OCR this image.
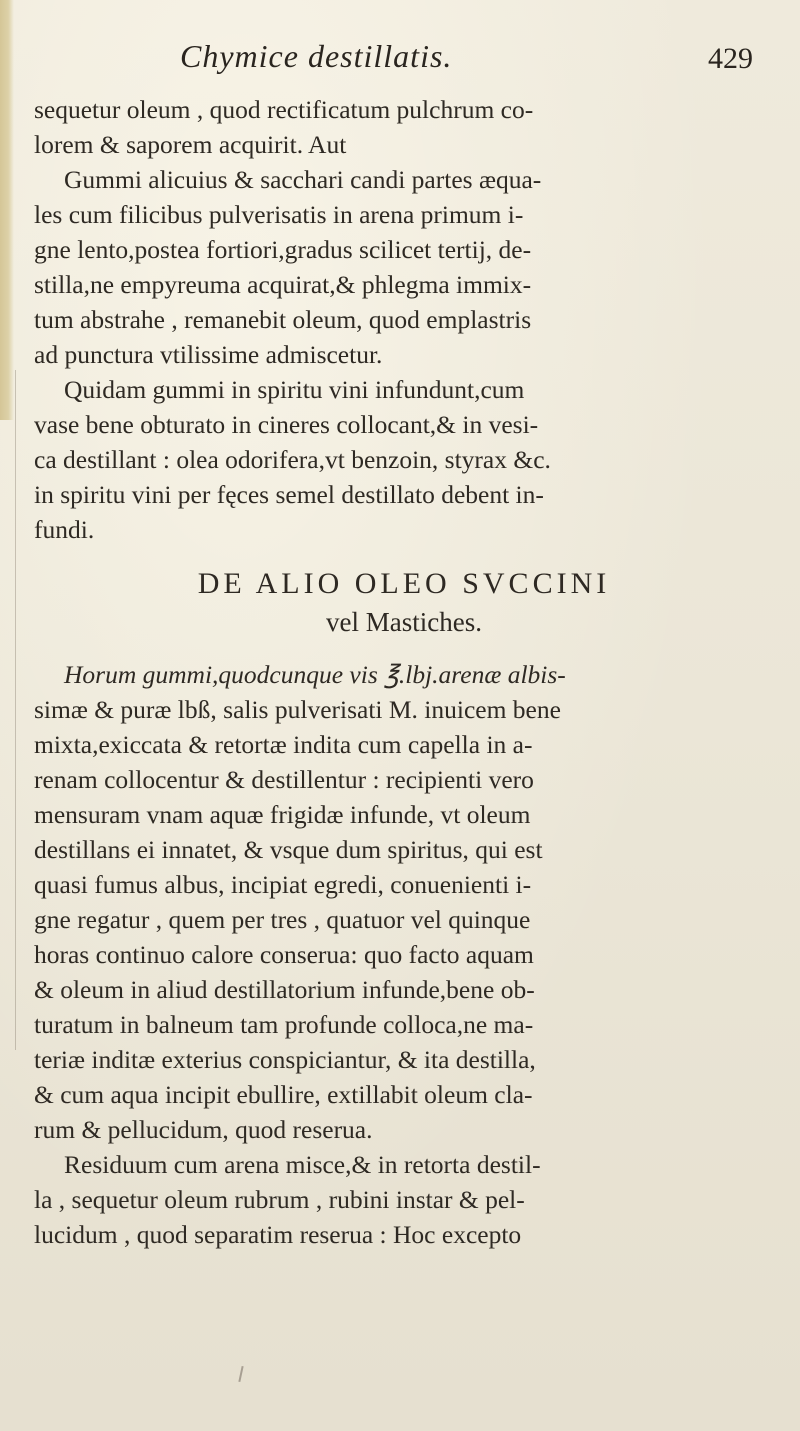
Chymice destillatis.	429
sequetur oleum , quod rectificatum pulchrum co-
lorem & saporem acquirit. Aut
Gummi alicuius & sacchari candi partes æqua-
les cum filicibus pulverisatis in arena primum i-
gne lento,postea fortiori,gradus scilicet tertij, de-
stilla,ne empyreuma acquirat,& phlegma immix-
tum abstrahe , remanebit oleum, quod emplastris
ad punctura vtilissime admiscetur.
Quidam gummi in spiritu vini infundunt,cum
vase bene obturato in cineres collocant,& in vesi-
ca destillant : olea odorifera,vt benzoin, styrax &c.
in spiritu vini per fęces semel destillato debent in-
fundi.
DE ALIO OLEO SVCCINI
vel Mastiches.
Horum gummi,quodcunque vis ℥.lbj.arenæ albis-
simæ & puræ lbß, salis pulverisati M. inuicem bene
mixta,exiccata & retortæ indita cum capella in a-
renam collocentur & destillentur : recipienti vero
mensuram vnam aquæ frigidæ infunde, vt oleum
destillans ei innatet, & vsque dum spiritus, qui est
quasi fumus albus, incipiat egredi, conuenienti i-
gne regatur , quem per tres , quatuor vel quinque
horas continuo calore conserua: quo facto aquam
& oleum in aliud destillatorium infunde,bene ob-
turatum in balneum tam profunde colloca,ne ma-
teriæ inditæ exterius conspiciantur, & ita destilla,
& cum aqua incipit ebullire, extillabit oleum cla-
rum & pellucidum, quod reserua.
Residuum cum arena misce,& in retorta destil-
la , sequetur oleum rubrum , rubini instar & pel-
lucidum , quod separatim reserua : Hoc excepto
